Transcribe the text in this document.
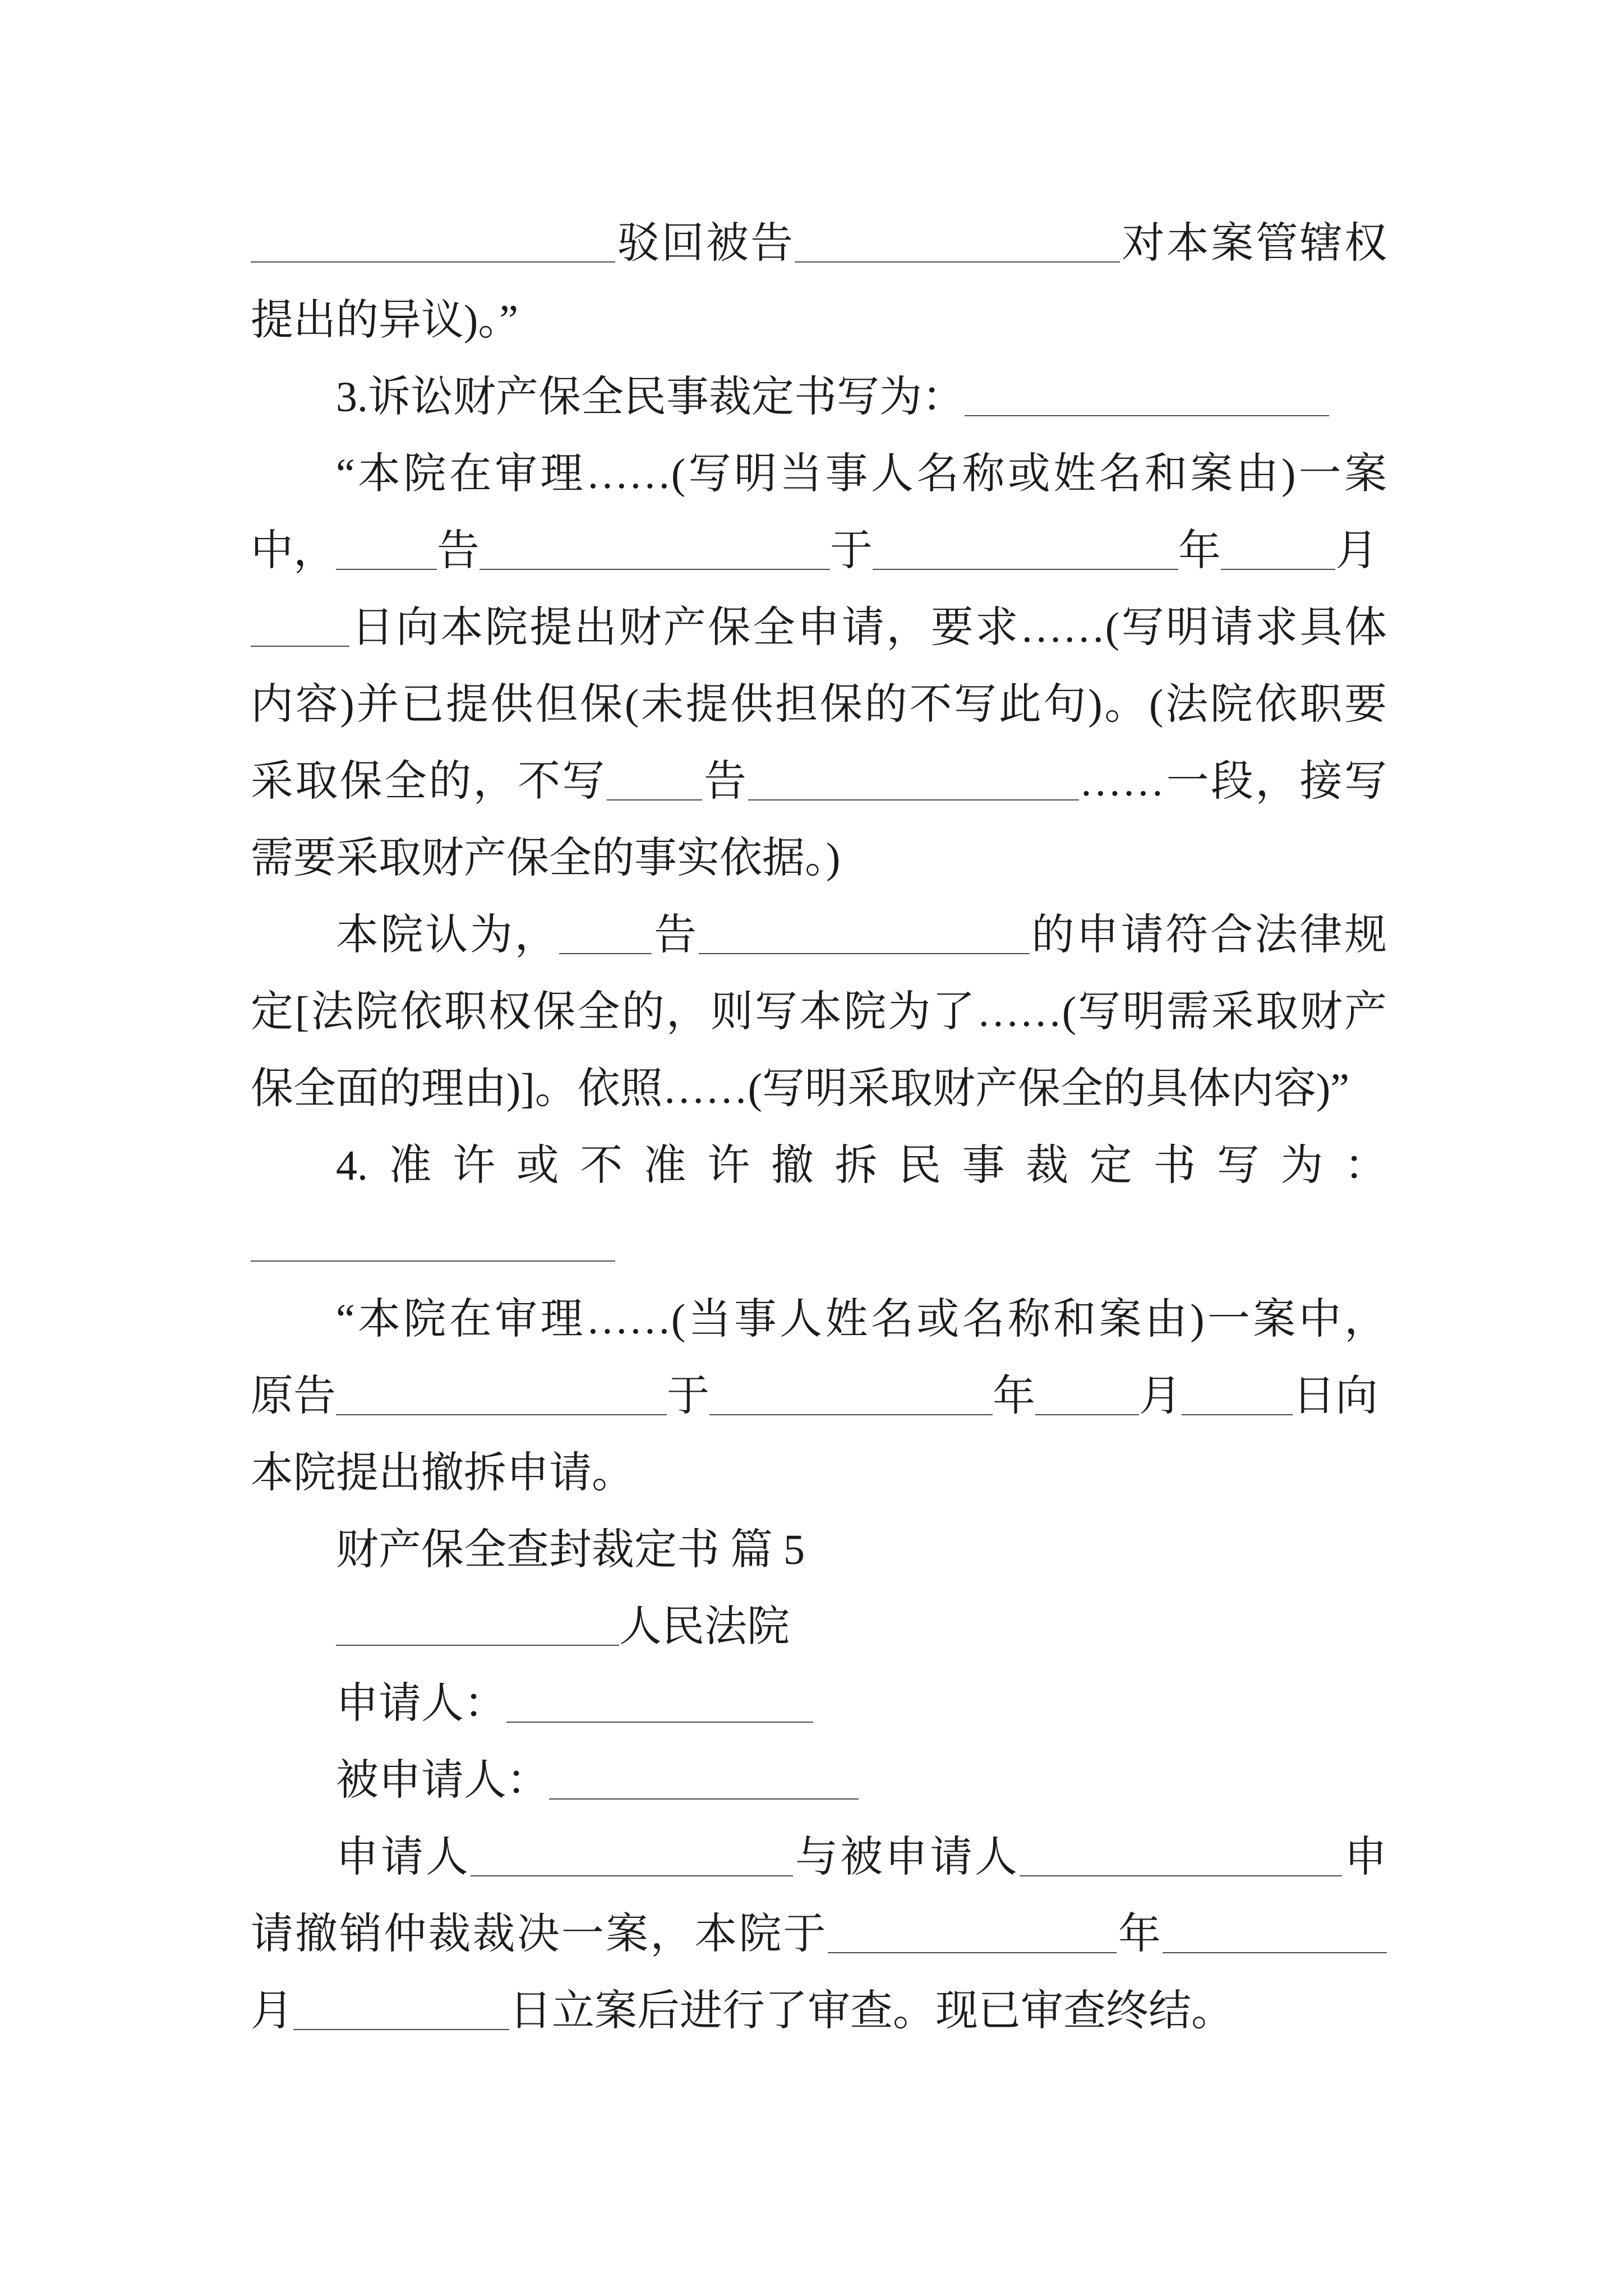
驳回被告	对本案管辖权
提出的异议)。”
3.诉讼财产保全民事裁定书写为：
“本院在审理……(写明当事人名称或姓名和案由)一案
中， 告	于	年	月
日向本院提出财产保全申请，要求……(写明请求具体
内容)并已提供但保(未提供担保的不写此句)。(法院依职要
采取保全的，不写 告	……一段，接写
需要采取财产保全的事实依据。)
本院认为， 告	的申请符合法律规
定[法院依职权保全的，则写本院为了……(写明需采取财产
保全面的理由)]。依照……(写明采取财产保全的具体内容)”
4.准许或不准许撤拆民事裁定书写为：
“本院在审理……(当事人姓名或名称和案由)一案中，
原告	于	年 月	日向
本院提出撤拆申请。
财产保全查封裁定书 篇 5
人民法院
申请人：
被申请人：
申请人	与被申请人	申
请撤销仲裁裁决一案，本院于	年
月	日立案后进行了审查。现已审查终结。
